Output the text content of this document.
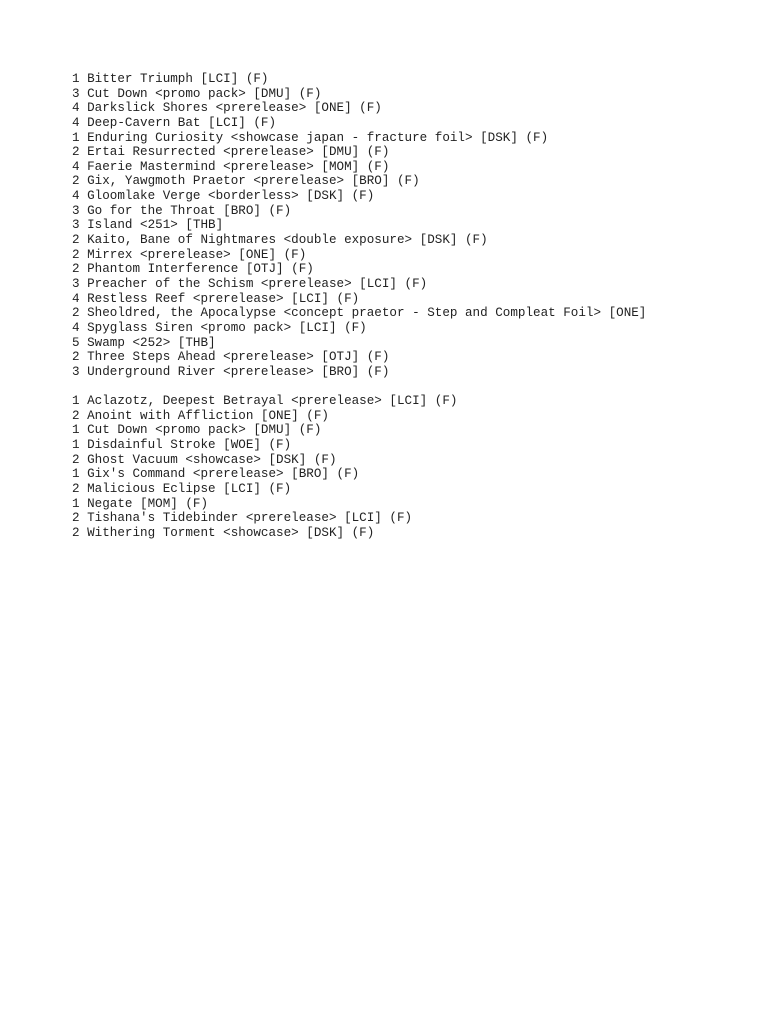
1 Bitter Triumph [LCI] (F)
3 Cut Down <promo pack> [DMU] (F)
4 Darkslick Shores <prerelease> [ONE] (F)
4 Deep-Cavern Bat [LCI] (F)
1 Enduring Curiosity <showcase japan - fracture foil> [DSK] (F)
2 Ertai Resurrected <prerelease> [DMU] (F)
4 Faerie Mastermind <prerelease> [MOM] (F)
2 Gix, Yawgmoth Praetor <prerelease> [BRO] (F)
4 Gloomlake Verge <borderless> [DSK] (F)
3 Go for the Throat [BRO] (F)
3 Island <251> [THB]
2 Kaito, Bane of Nightmares <double exposure> [DSK] (F)
2 Mirrex <prerelease> [ONE] (F)
2 Phantom Interference [OTJ] (F)
3 Preacher of the Schism <prerelease> [LCI] (F)
4 Restless Reef <prerelease> [LCI] (F)
2 Sheoldred, the Apocalypse <concept praetor - Step and Compleat Foil> [ONE]
4 Spyglass Siren <promo pack> [LCI] (F)
5 Swamp <252> [THB]
2 Three Steps Ahead <prerelease> [OTJ] (F)
3 Underground River <prerelease> [BRO] (F)
1 Aclazotz, Deepest Betrayal <prerelease> [LCI] (F)
2 Anoint with Affliction [ONE] (F)
1 Cut Down <promo pack> [DMU] (F)
1 Disdainful Stroke [WOE] (F)
2 Ghost Vacuum <showcase> [DSK] (F)
1 Gix's Command <prerelease> [BRO] (F)
2 Malicious Eclipse [LCI] (F)
1 Negate [MOM] (F)
2 Tishana's Tidebinder <prerelease> [LCI] (F)
2 Withering Torment <showcase> [DSK] (F)
